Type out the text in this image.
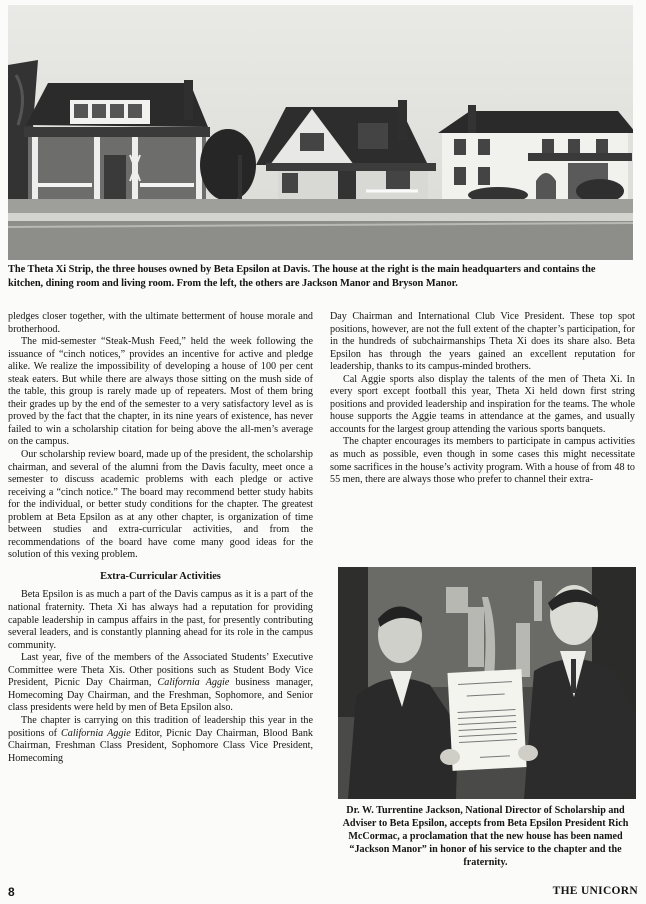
The Theta Xi Strip, the three houses owned by Beta Epsilon at Davis. The house at the right is the main headquarters and contains the kitchen, dining room and living room. From the left, the others are Jackson Manor and Bryson Manor.

pledges closer together, with the ultimate betterment of house morale and brotherhood.

The mid-semester “Steak-Mush Feed,” held the week following the issuance of “cinch notices,” provides an incentive for active and pledge alike. We realize the impossibility of developing a house of 100 per cent steak eaters. But while there are always those sitting on the mush side of the table, this group is rarely made up of repeaters. Most of them bring their grades up by the end of the semester to a very satisfactory level as is proved by the fact that the chapter, in its nine years of existence, has never failed to win a scholarship citation for being above the all-men’s average on the campus.

Our scholarship review board, made up of the president, the scholarship chairman, and several of the alumni from the Davis faculty, meet once a semester to discuss academic problems with each pledge or active receiving a “cinch notice.” The board may recommend better study habits for the individual, or better study conditions for the chapter. The greatest problem at Beta Epsilon as at any other chapter, is organization of time between studies and extra-curricular activities, and from the recommendations of the board have come many good ideas for the solution of this vexing problem.

Extra-Curricular Activities

Beta Epsilon is as much a part of the Davis campus as it is a part of the national fraternity. Theta Xi has always had a reputation for providing capable leadership in campus affairs in the past, for presently contributing several leaders, and is constantly planning ahead for its role in the campus community.

Last year, five of the members of the Associated Students’ Executive Committee were Theta Xis. Other positions such as Student Body Vice President, Picnic Day Chairman, California Aggie business manager, Homecoming Day Chairman, and the Freshman, Sophomore, and Senior class presidents were held by men of Beta Epsilon also.

The chapter is carrying on this tradition of leadership this year in the positions of California Aggie Editor, Picnic Day Chairman, Blood Bank Chairman, Freshman Class President, Sophomore Class Vice President, Homecoming

Day Chairman and International Club Vice President. These top spot positions, however, are not the full extent of the chapter’s participation, for in the hundreds of subchairmanships Theta Xi does its share also. Beta Epsilon has through the years gained an excellent reputation for leadership, thanks to its campus-minded brothers.

Cal Aggie sports also display the talents of the men of Theta Xi. In every sport except football this year, Theta Xi held down first string positions and provided leadership and inspiration for the teams. The whole house supports the Aggie teams in attendance at the games, and usually accounts for the largest group attending the various sports banquets.

The chapter encourages its members to participate in campus activities as much as possible, even though in some cases this might necessitate some sacrifices in the house’s activity program. With a house of from 48 to 55 men, there are always those who prefer to channel their extra-

Dr. W. Turrentine Jackson, National Director of Scholarship and Adviser to Beta Epsilon, accepts from Beta Epsilon President Rich McCormac, a proclamation that the new house has been named “Jackson Manor” in honor of his service to the chapter and the fraternity.
8	THE UNICORN
